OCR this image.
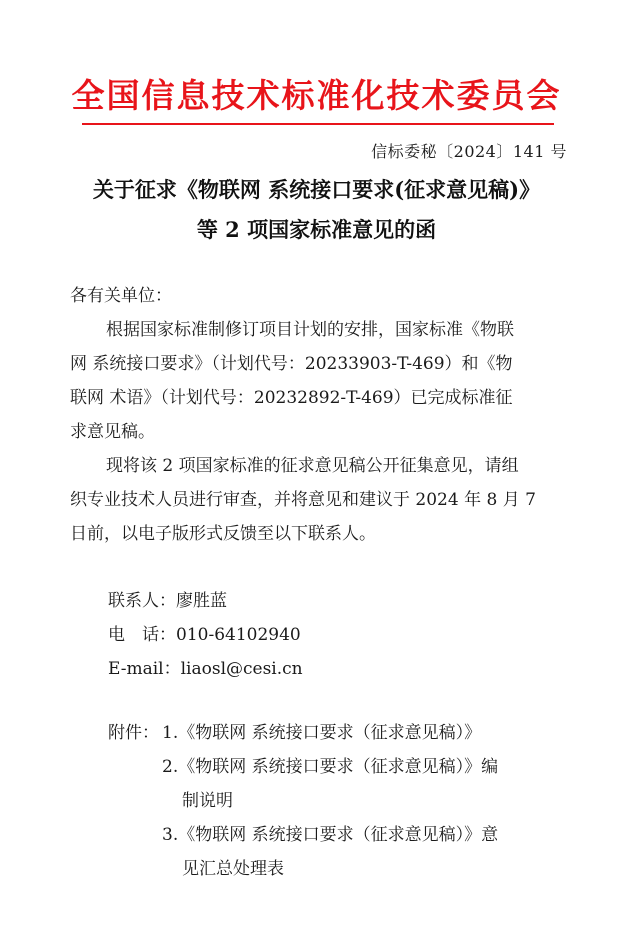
全国信息技术标准化技术委员会
信标委秘〔2024〕141 号
关于征求《物联网 系统接口要求(征求意见稿)》
等 2 项国家标准意见的函
各有关单位：
根据国家标准制修订项目计划的安排，国家标准《物联
网 系统接口要求》（计划代号：20233903-T-469）和《物
联网 术语》（计划代号：20232892-T-469）已完成标准征
求意见稿。
现将该 2 项国家标准的征求意见稿公开征集意见，请组
织专业技术人员进行审查，并将意见和建议于 2024 年 8 月 7
日前，以电子版形式反馈至以下联系人。
联系人：廖胜蓝
电　话：010-64102940
E-mail：liaosl@cesi.cn
附件： 1.《物联网 系统接口要求（征求意见稿）》
2.《物联网 系统接口要求（征求意见稿）》编
制说明
3.《物联网 系统接口要求（征求意见稿）》意
见汇总处理表
